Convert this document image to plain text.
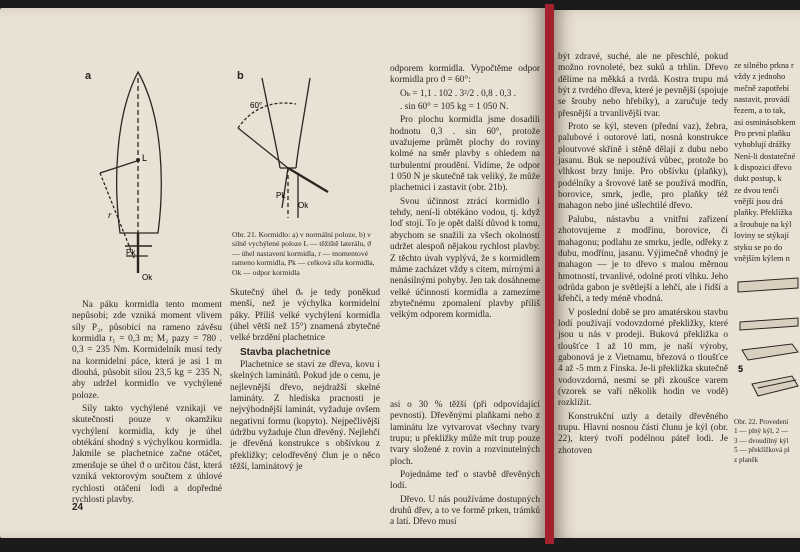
a
L
r
Pk
Ok
b
60°
Pk
Ok
Obr. 21. Kormidlo: a) v normální poloze, b) v silně vychýlené poloze L — těžiště laterálu, ϑ — úhel nastavení kormidla, r — momentové rameno kormidla, Pk — celková síla kormidla, Ok — odpor kormidla

Na páku kormidla tento moment nepůsobí; zde vzniká moment vlivem síly P₂, působící na rameno závěsu kormidla r₁ = 0,3 m; M₂ pazy = 780 . 0,3 = 235 Nm. Kormidelník musí tedy na kormidelní páce, která je asi 1 m dlouhá, působit silou 23,5 kg = 235 N, aby udržel kormidlo ve vychýlené poloze.

Síly takto vychýlené vznikají ve skutečnosti pouze v okamžiku vychýlení kormidla, kdy je úhel obtékání shodný s výchylkou kormidla. Jakmile se plachetnice začne otáčet, zmenšuje se úhel ϑ o určitou část, která vzniká vektorovým součtem z úhlové rychlosti otáčení lodi a dopředné rychlosti plavby.

Skutečný úhel ϑₛ je tedy poněkud menší, než je výchylka kormidelní páky. Příliš velké vychýlení kormidla (úhel větší než 15°) znamená zbytečné velké brzdění plachetnice

Stavba plachetnice

Plachetnice se staví ze dřeva, kovu i skelných laminátů. Pokud jde o cenu, je nejlevnější dřevo, nejdražší skelné lamináty. Z hlediska pracnosti je nejvýhodnější laminát, vyžaduje ovšem negativní formu (kopyto). Nejpečlivější údržbu vyžaduje člun dřevěný. Nejlehčí je dřevěná konstrukce s obšívkou z překližky; celodřevěný člun je o něco těžší, laminátový je

odporem kormidla. Vypočtěme odpor kormidla pro ϑ = 60°:

Oₖ = 1,1 . 102 . 3²/2 . 0,8 . 0,3 .

. sin 60° = 105 kg = 1 050 N.

Pro plochu kormidla jsme dosadili hodnotu 0,3 . sin 60°, protože uvažujeme průmět plochy do roviny kolmé na směr plavby s ohledem na turbulentní proudění. Vidíme, že odpor 1 050 N je skutečně tak veliký, že může plachetnici i zastavit (obr. 21b).

Svou účinnost ztrácí kormidlo i tehdy, není-li obtékáno vodou, tj. když loď stojí. To je opět další důvod k tomu, abychom se snažili za všech okolností udržet alespoň nějakou rychlost plavby. Z těchto úvah vyplývá, že s kormidlem máme zacházet vždy s citem, mírnými a nenásilnými pohyby. Jen tak dosáhneme velké účinnosti kormidla a zamezíme zbytečnému zpomalení plavby příliš velkým odporem kormidla.

asi o 30 % těžší (při odpovídající pevnosti). Dřevěnými plaňkami nebo z laminátu lze vytvarovat všechny tvary trupu; u překližky může mít trup pouze tvary složené z rovin a rozvinutelných ploch.

Pojednáme teď o stavbě dřevěných lodí.

Dřevo. U nás používáme dostupných druhů dřev, a to ve formě prken, trámků a latí. Dřevo musí

24

být zdravé, suché, ale ne přeschlé, pokud možno rovnoleté, bez suků a trhlin. Dřevo dělíme na měkká a tvrdá. Kostra trupu má být z tvrdého dřeva, které je pevnější (spojuje se šrouby nebo hřebíky), a zaručuje tedy přesnější a trvanlivější tvar.

Proto se kýl, steven (přední vaz), žebra, palubové i outorové lati, nosná konstrukce ploutvové skříně i stěně dělají z dubu nebo jasanu. Buk se nepoužívá vůbec, protože bo vlhkost brzy hnije. Pro obšívku (plaňky), podélníky a šrovové latě se používá modřín, borovice, smrk, jedle, pro plaňky též mahagon nebo jiné ušlechtilé dřevo.

Palubu, nástavbu a vnitřní zařízení zhotovujeme z modřínu, borovice, či mahagonu; podlahu ze smrku, jedle, odřeky z dubu, modřínu, jasanu. Výjimečně vhodný je mahagon — je to dřevo s malou měrnou hmotností, trvanlivé, odolné proti vlhku. Jeho odrůda gabon je světlejší a lehčí, ale i řidší a křehčí, a tedy méně vhodná.

V poslední době se pro amatérskou stavbu lodí používají vodovzdorné překližky, které jsou u nás v prodeji. Buková překližka o tloušťce 1 až 10 mm, je naší výroby, gabonová je z Vietnamu, březová o tloušťce 4 až -5 mm z Finska. Je-li překližka skutečně vodovzdorná, nesmí se při zkoušce varem (vzorek se vaří několik hodin ve vodě) rozklížit.

Konstrukční uzly a detaily dřevěného trupu. Hlavní nosnou částí člunu je kýl (obr. 22), který tvoří podélnou páteř lodi. Je zhotoven

ze silného prkna r
vždy z jednoho
mečně zapotřebí
nastavit, provádí
řezem, a to tak,
asi osminásobkem
Pro první plaňku
vyhoblují drážky
Není-li dostatečné
k dispozici dřevo
dukt postup, k
ze dvou tenčí
vnější jsou drá
plaňky. Překlížka
a šroubuje na kýl
loviny se stýkají
styku se po do
vnějším kýlem n
5
Obr. 22. Provedení
1 — plný kýl, 2 —
3 — dvoudílný kýl
5 — překlížková pl
z planěk
